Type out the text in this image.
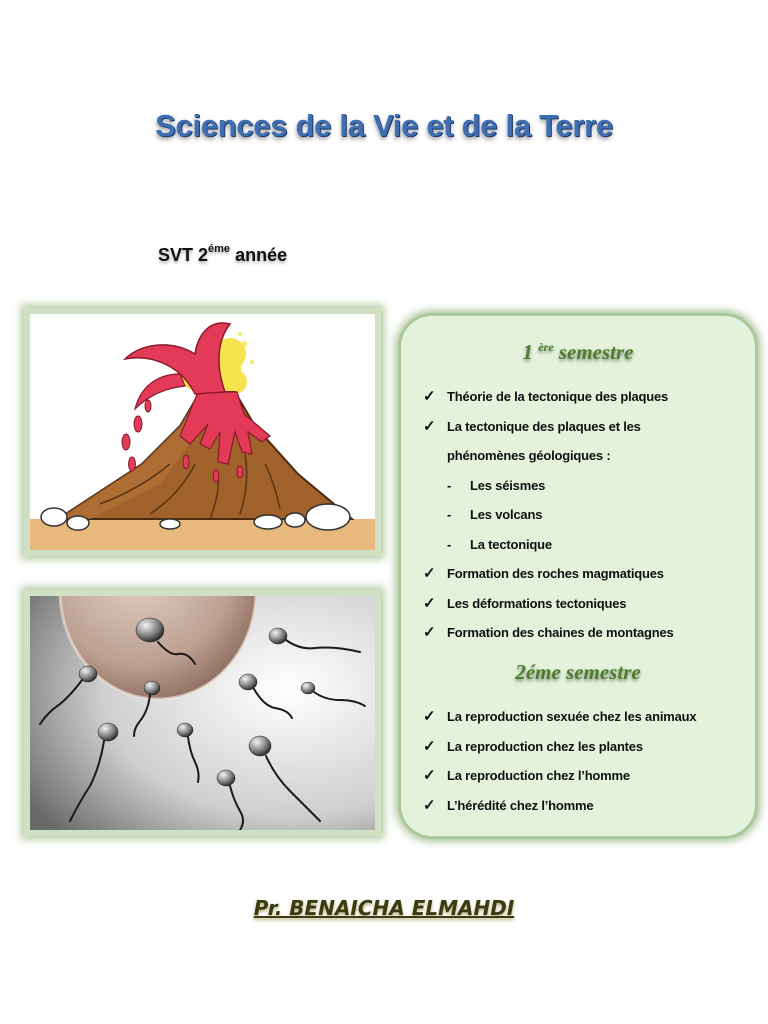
Sciences de la Vie et de la Terre
SVT $2^{éme}$ année
1 $^{ère}$ semestre
✓ Théorie de la tectonique des plaques
✓ La tectonique des plaques et les
phénomènes géologiques :
- Les séismes
- Les volcans
- La tectonique
✓ Formation des roches magmatiques
✓ Les déformations tectoniques
✓ Formation des chaines de montagnes
2éme semestre
✓ La reproduction sexuée chez les animaux
✓ La reproduction chez les plantes
✓ La reproduction chez l’homme
✓ L’hérédité chez l’homme
Pr. BENAICHA ELMAHDI
